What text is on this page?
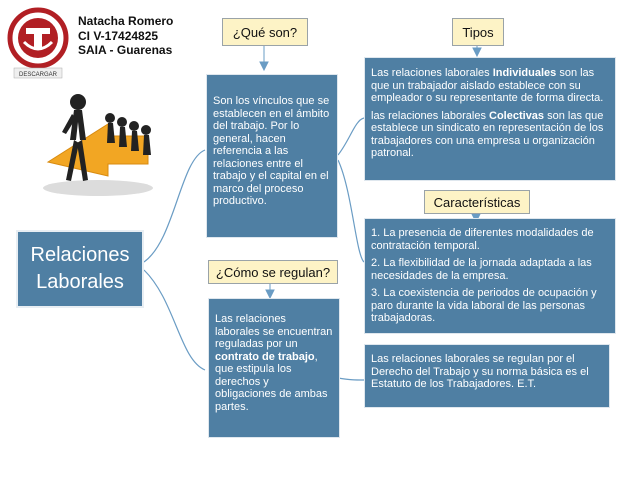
DESCARGAR
Natacha Romero
CI V-17424825
SAIA - Guarenas
Relaciones
Laborales
¿Qué son?	Tipos
Características
¿Cómo se regulan?

Son los vínculos que se establecen en el ámbito del trabajo. Por lo general, hacen referencia a las relaciones entre el trabajo y el capital en el marco del proceso productivo.

Las relaciones laborales Individuales son las que un trabajador aislado establece con su empleador o su representante de forma directa.

las relaciones laborales Colectivas son las que establece un sindicato en representación de los trabajadores con una empresa u organización patronal.

1. La presencia de diferentes modalidades de contratación temporal.

2. La flexibilidad de la jornada adaptada a las necesidades de la empresa.

3. La coexistencia de periodos de ocupación y paro durante la vida laboral de las personas trabajadoras.

Las relaciones laborales se encuentran reguladas por un contrato de trabajo, que estipula los derechos y obligaciones de ambas partes.

Las relaciones laborales se regulan por el Derecho del Trabajo y su norma básica es el Estatuto de los Trabajadores. E.T.
